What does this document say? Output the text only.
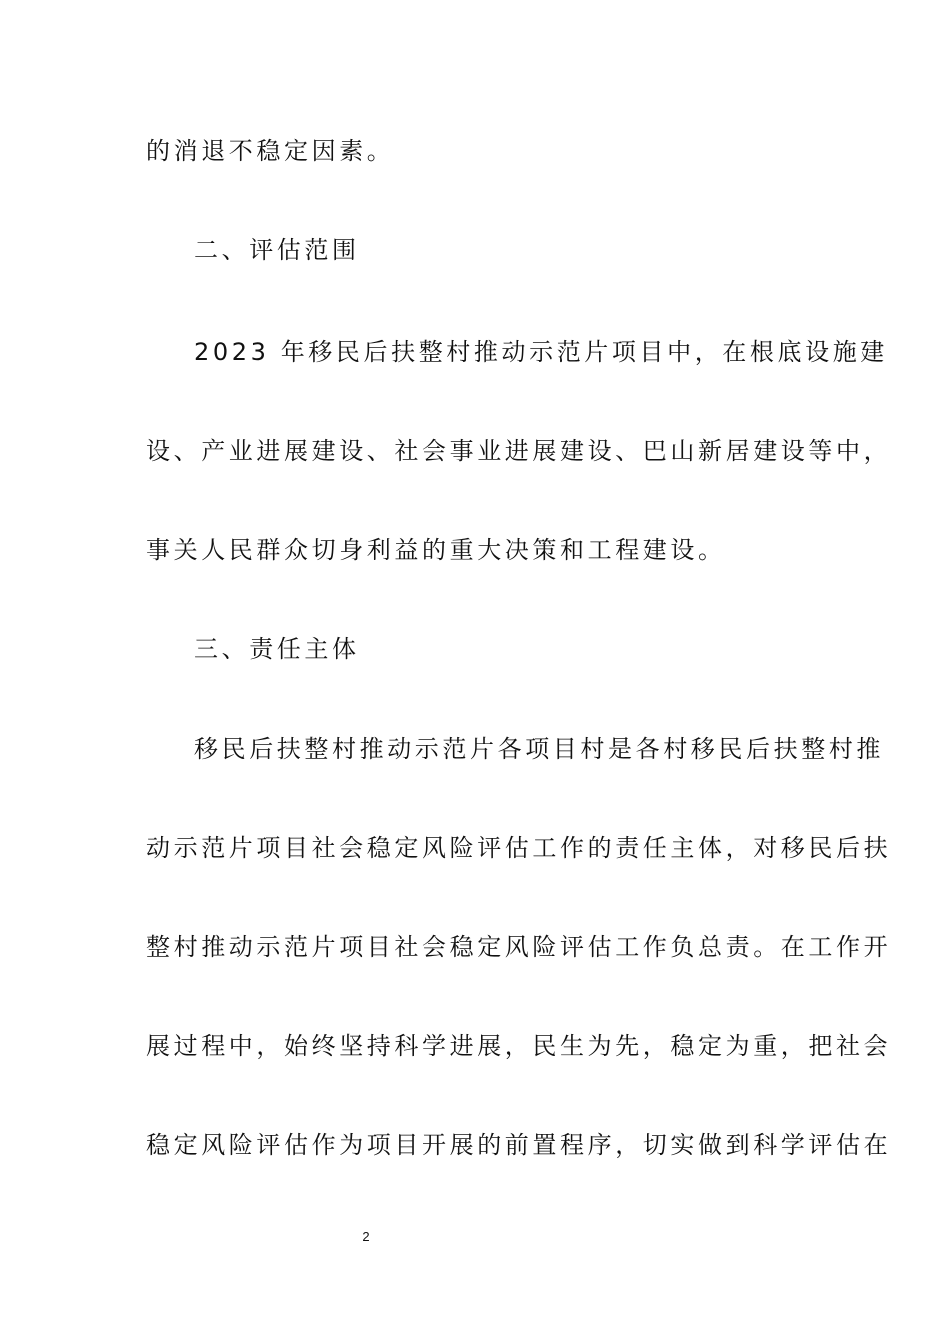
的消退不稳定因素。
二、评估范围
2023 年移民后扶整村推动示范片项目中，在根底设施建
设、产业进展建设、社会事业进展建设、巴山新居建设等中，
事关人民群众切身利益的重大决策和工程建设。
三、责任主体
移民后扶整村推动示范片各项目村是各村移民后扶整村推
动示范片项目社会稳定风险评估工作的责任主体，对移民后扶
整村推动示范片项目社会稳定风险评估工作负总责。在工作开
展过程中，始终坚持科学进展，民生为先，稳定为重，把社会
稳定风险评估作为项目开展的前置程序，切实做到科学评估在
2
